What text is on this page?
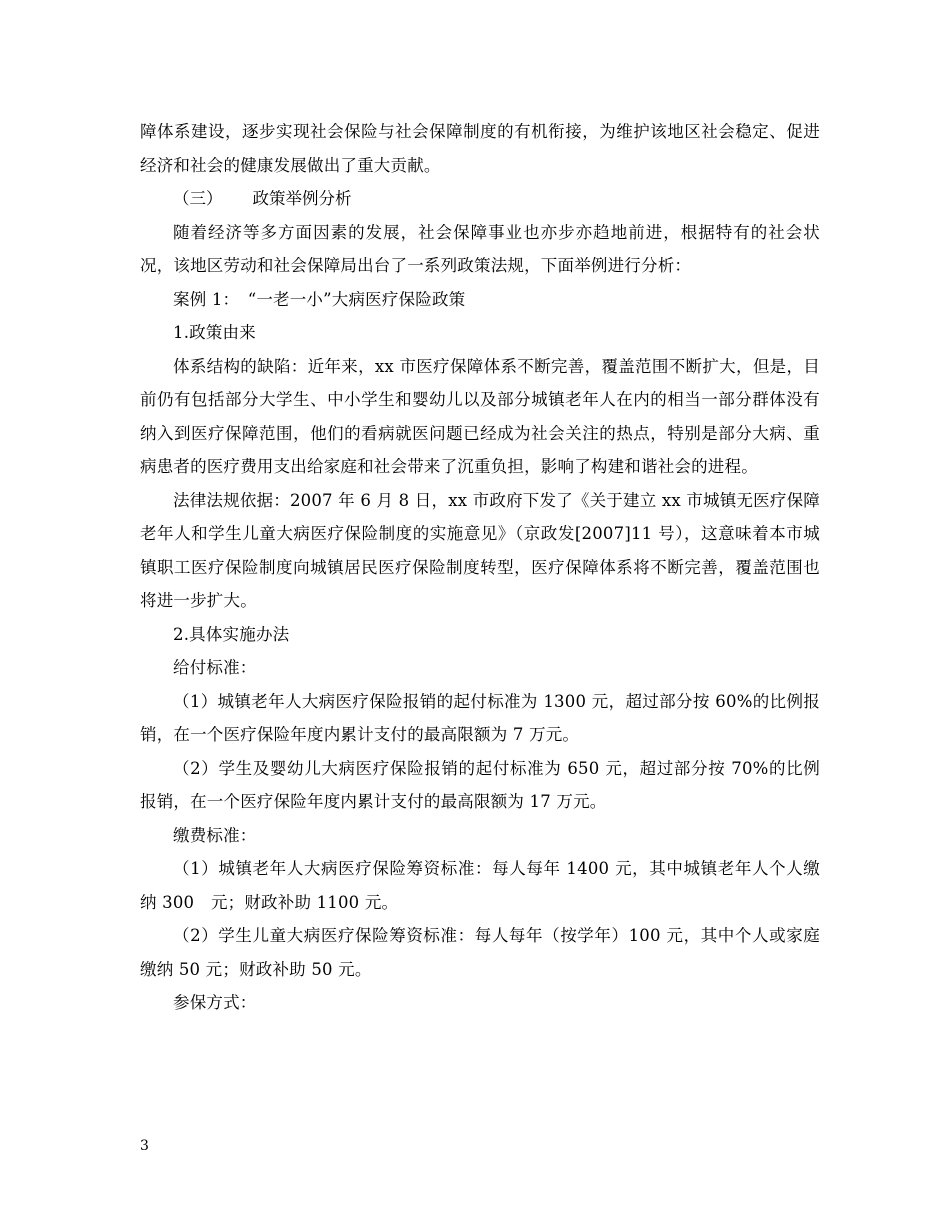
障体系建设，逐步实现社会保险与社会保障制度的有机衔接，为维护该地区社会稳定、促进经济和社会的健康发展做出了重大贡献。

（三） 政策举例分析

随着经济等多方面因素的发展，社会保障事业也亦步亦趋地前进，根据特有的社会状况，该地区劳动和社会保障局出台了一系列政策法规，下面举例进行分析：

案例 1：　“一老一小”大病医疗保险政策

1.政策由来

体系结构的缺陷：近年来，xx 市医疗保障体系不断完善，覆盖范围不断扩大，但是，目前仍有包括部分大学生、中小学生和婴幼儿以及部分城镇老年人在内的相当一部分群体没有纳入到医疗保障范围，他们的看病就医问题已经成为社会关注的热点，特别是部分大病、重病患者的医疗费用支出给家庭和社会带来了沉重负担，影响了构建和谐社会的进程。

法律法规依据：2007 年 6 月 8 日，xx 市政府下发了《关于建立 xx 市城镇无医疗保障老年人和学生儿童大病医疗保险制度的实施意见》（京政发[2007]11 号），这意味着本市城镇职工医疗保险制度向城镇居民医疗保险制度转型，医疗保障体系将不断完善，覆盖范围也将进一步扩大。

2.具体实施办法

给付标准：

（1）城镇老年人大病医疗保险报销的起付标准为 1300 元，超过部分按 60%的比例报销，在一个医疗保险年度内累计支付的最高限额为 7 万元。

（2）学生及婴幼儿大病医疗保险报销的起付标准为 650 元，超过部分按 70%的比例报销，在一个医疗保险年度内累计支付的最高限额为 17 万元。

缴费标准：

（1）城镇老年人大病医疗保险筹资标准：每人每年 1400 元，其中城镇老年人个人缴纳 300　元；财政补助 1100 元。

（2）学生儿童大病医疗保险筹资标准：每人每年（按学年）100 元，其中个人或家庭缴纳 50 元；财政补助 50 元。

参保方式：

3
